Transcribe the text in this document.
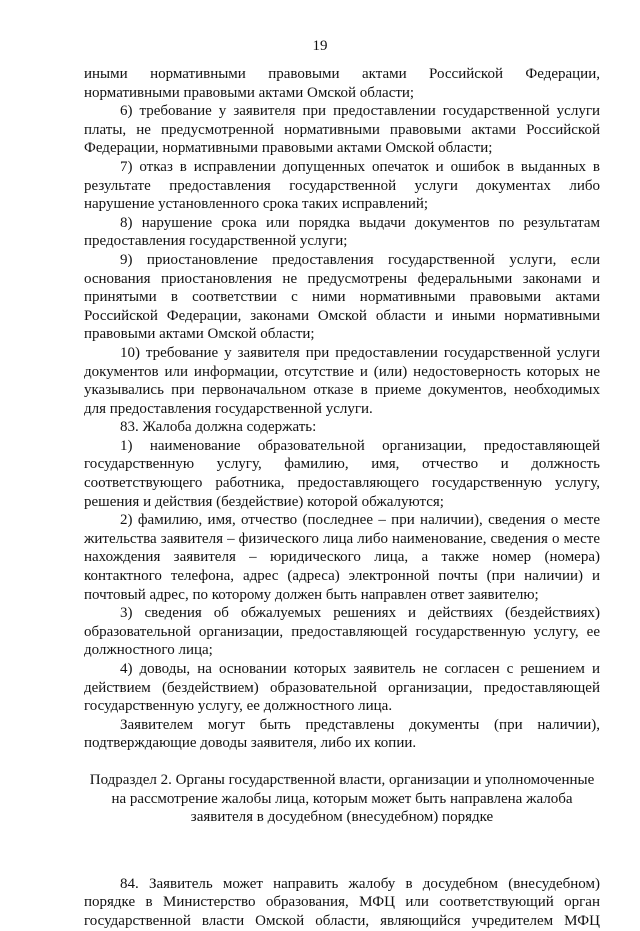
19

иными нормативными правовыми актами Российской Федерации, нормативными правовыми актами Омской области;

6) требование у заявителя при предоставлении государственной услуги платы, не предусмотренной нормативными правовыми актами Российской Федерации, нормативными правовыми актами Омской области;

7) отказ в исправлении допущенных опечаток и ошибок в выданных в результате предоставления государственной услуги документах либо нарушение установленного срока таких исправлений;

8) нарушение срока или порядка выдачи документов по результатам предоставления государственной услуги;

9) приостановление предоставления государственной услуги, если основания приостановления не предусмотрены федеральными законами и принятыми в соответствии с ними нормативными правовыми актами Российской Федерации, законами Омской области и иными нормативными правовыми актами Омской области;

10) требование у заявителя при предоставлении государственной услуги документов или информации, отсутствие и (или) недостоверность которых не указывались при первоначальном отказе в приеме документов, необходимых для предоставления государственной услуги.

83. Жалоба должна содержать:

1) наименование образовательной организации, предоставляющей государственную услугу, фамилию, имя, отчество и должность соответствующего работника, предоставляющего государственную услугу, решения и действия (бездействие) которой обжалуются;

2) фамилию, имя, отчество (последнее – при наличии), сведения о месте жительства заявителя – физического лица либо наименование, сведения о месте нахождения заявителя – юридического лица, а также номер (номера) контактного телефона, адрес (адреса) электронной почты (при наличии) и почтовый адрес, по которому должен быть направлен ответ заявителю;

3) сведения об обжалуемых решениях и действиях (бездействиях) образовательной организации, предоставляющей государственную услугу, ее должностного лица;

4) доводы, на основании которых заявитель не согласен с решением и действием (бездействием) образовательной организации, предоставляющей государственную услугу, ее должностного лица.

Заявителем могут быть представлены документы (при наличии), подтверждающие доводы заявителя, либо их копии.

Подраздел 2. Органы государственной власти, организации и уполномоченные на рассмотрение жалобы лица, которым может быть направлена жалоба заявителя в досудебном (внесудебном) порядке

84. Заявитель может направить жалобу в досудебном (внесудебном) порядке в Министерство образования, МФЦ или соответствующий орган государственной власти Омской области, являющийся учредителем МФЦ
